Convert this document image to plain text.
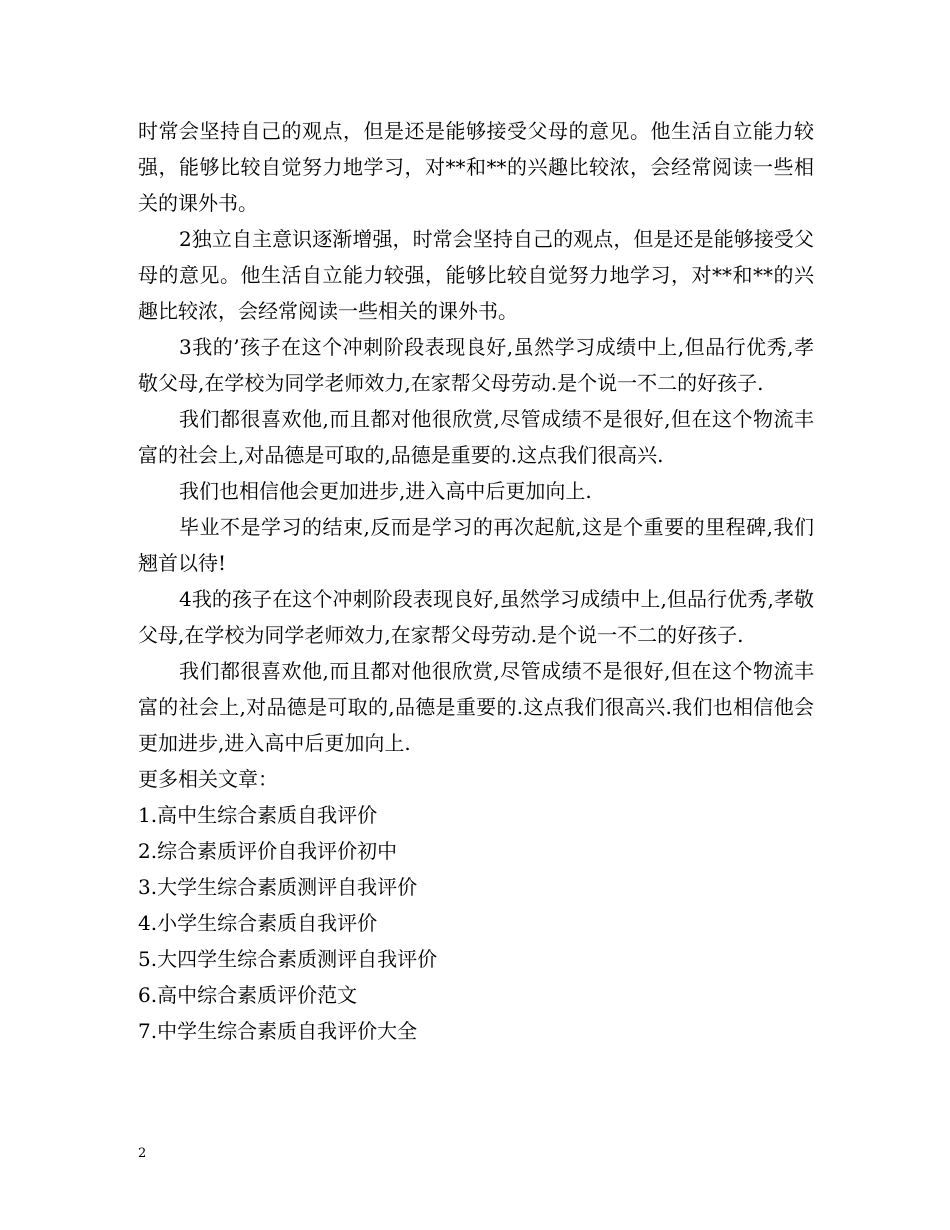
时常会坚持自己的观点，但是还是能够接受父母的意见。他生活自立能力较强，能够比较自觉努力地学习，对**和**的兴趣比较浓，会经常阅读一些相关的课外书。

2独立自主意识逐渐增强，时常会坚持自己的观点，但是还是能够接受父母的意见。他生活自立能力较强，能够比较自觉努力地学习，对**和**的兴趣比较浓，会经常阅读一些相关的课外书。

3我的’孩子在这个冲刺阶段表现良好,虽然学习成绩中上,但品行优秀,孝敬父母,在学校为同学老师效力,在家帮父母劳动.是个说一不二的好孩子.

我们都很喜欢他,而且都对他很欣赏,尽管成绩不是很好,但在这个物流丰富的社会上,对品德是可取的,品德是重要的.这点我们很高兴.

我们也相信他会更加进步,进入高中后更加向上.

毕业不是学习的结束,反而是学习的再次起航,这是个重要的里程碑,我们翘首以待!

4我的孩子在这个冲刺阶段表现良好,虽然学习成绩中上,但品行优秀,孝敬父母,在学校为同学老师效力,在家帮父母劳动.是个说一不二的好孩子.

我们都很喜欢他,而且都对他很欣赏,尽管成绩不是很好,但在这个物流丰富的社会上,对品德是可取的,品德是重要的.这点我们很高兴.我们也相信他会更加进步,进入高中后更加向上.

更多相关文章：

1.高中生综合素质自我评价
2.综合素质评价自我评价初中
3.大学生综合素质测评自我评价
4.小学生综合素质自我评价
5.大四学生综合素质测评自我评价
6.高中综合素质评价范文
7.中学生综合素质自我评价大全
2
